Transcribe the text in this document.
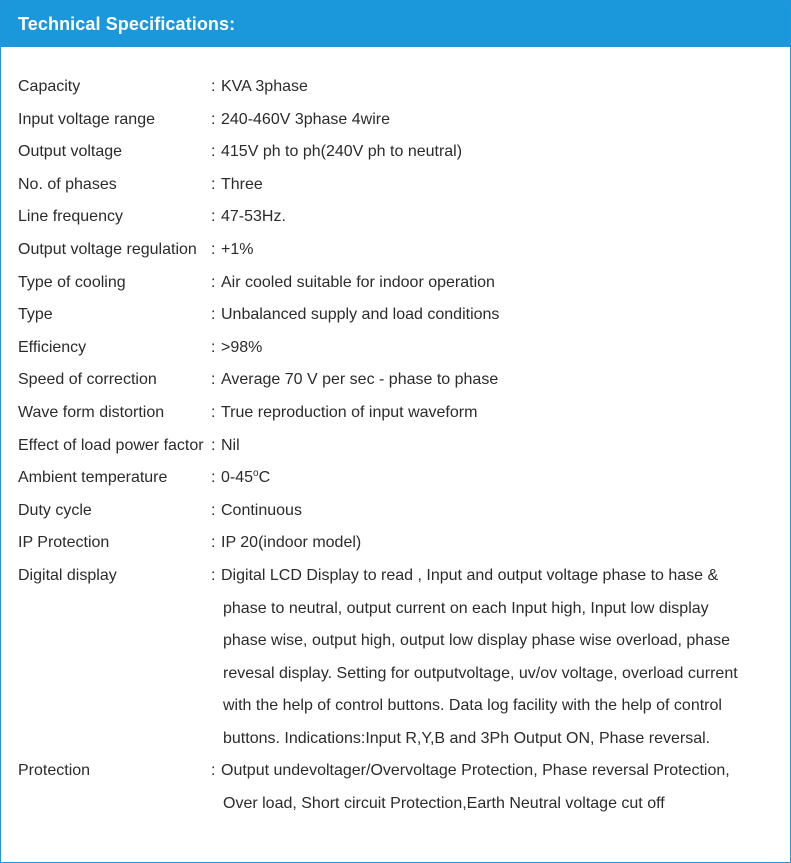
Technical Specifications:
Capacity	: KVA 3phase
Input voltage range	: 240-460V 3phase 4wire
Output voltage	: 415V ph to ph(240V ph to neutral)
No. of phases	: Three
Line frequency	: 47-53Hz.
Output voltage regulation : +1%
Type of cooling	: Air cooled suitable for indoor operation
Type	: Unbalanced supply and load conditions
Efficiency	: >98%
Speed of correction	: Average 70 V per sec - phase to phase
Wave form distortion	: True reproduction of input waveform
Effect of load power factor : Nil
Ambient temperature	: 0-45$^o$C
Duty cycle	: Continuous
IP Protection	: IP 20(indoor model)
Digital display	: Digital LCD Display to read , Input and output voltage phase to hase &
phase to neutral, output current on each Input high, Input low display
phase wise, output high, output low display phase wise overload, phase
revesal display. Setting for outputvoltage, uv/ov voltage, overload current
with the help of control buttons. Data log facility with the help of control
buttons. Indications:Input R,Y,B and 3Ph Output ON, Phase reversal.
Protection	: Output undevoltager/Overvoltage Protection, Phase reversal Protection,
Over load, Short circuit Protection,Earth Neutral voltage cut off
